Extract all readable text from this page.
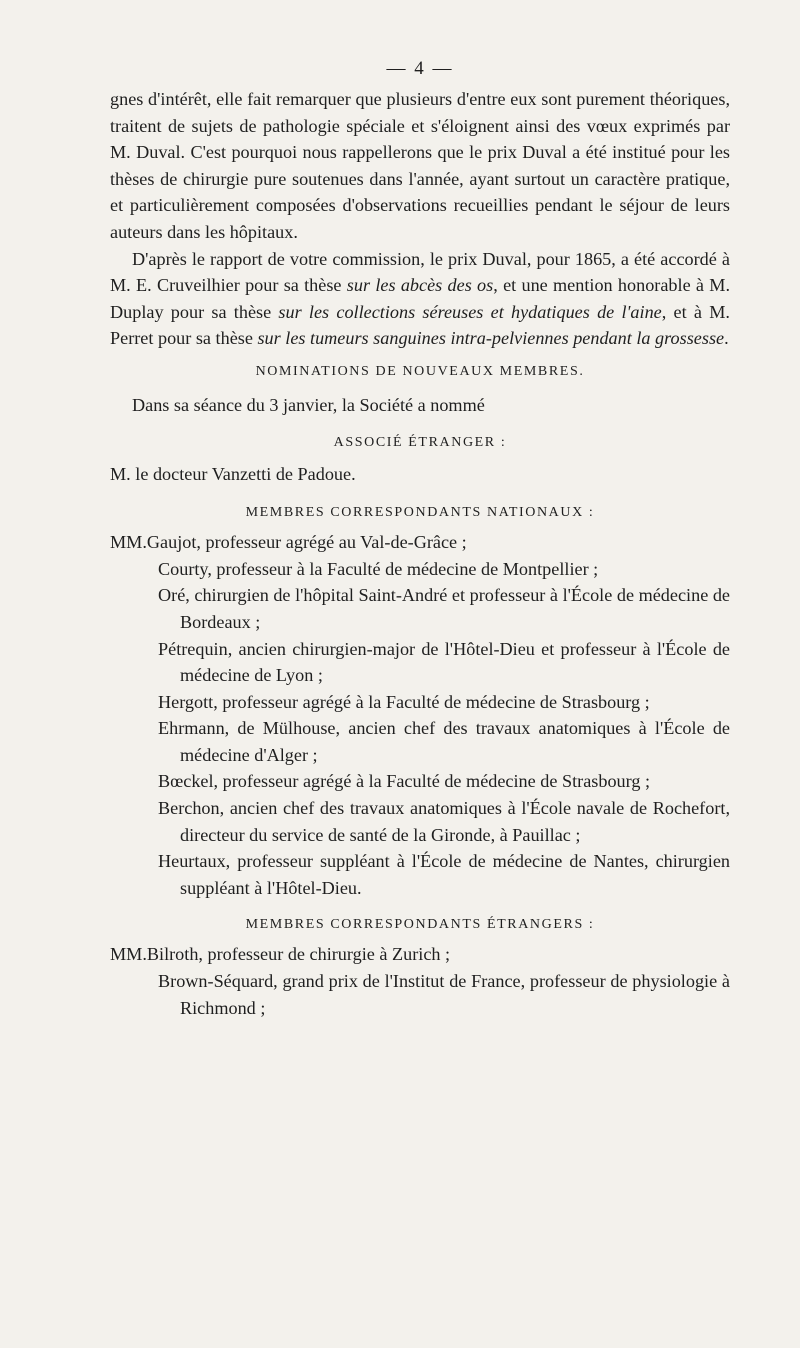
— 4 —

gnes d'intérêt, elle fait remarquer que plusieurs d'entre eux sont purement théoriques, traitent de sujets de pathologie spéciale et s'éloignent ainsi des vœux exprimés par M. Duval. C'est pourquoi nous rappellerons que le prix Duval a été institué pour les thèses de chirurgie pure soutenues dans l'année, ayant surtout un caractère pratique, et particulièrement composées d'observations recueillies pendant le séjour de leurs auteurs dans les hôpitaux.

D'après le rapport de votre commission, le prix Duval, pour 1865, a été accordé à M. E. Cruveilhier pour sa thèse sur les abcès des os, et une mention honorable à M. Duplay pour sa thèse sur les collections séreuses et hydatiques de l'aine, et à M. Perret pour sa thèse sur les tumeurs sanguines intra-pelviennes pendant la grossesse.

NOMINATIONS DE NOUVEAUX MEMBRES.

Dans sa séance du 3 janvier, la Société a nommé

ASSOCIÉ ÉTRANGER :

M. le docteur Vanzetti de Padoue.

MEMBRES CORRESPONDANTS NATIONAUX :

MM.Gaujot, professeur agrégé au Val-de-Grâce ;
Courty, professeur à la Faculté de médecine de Montpellier ;
Oré, chirurgien de l'hôpital Saint-André et professeur à l'École de médecine de Bordeaux ;
Pétrequin, ancien chirurgien-major de l'Hôtel-Dieu et professeur à l'École de médecine de Lyon ;
Hergott, professeur agrégé à la Faculté de médecine de Strasbourg ;
Ehrmann, de Mülhouse, ancien chef des travaux anatomiques à l'École de médecine d'Alger ;
Bœckel, professeur agrégé à la Faculté de médecine de Strasbourg ;
Berchon, ancien chef des travaux anatomiques à l'École navale de Rochefort, directeur du service de santé de la Gironde, à Pauillac ;
Heurtaux, professeur suppléant à l'École de médecine de Nantes, chirurgien suppléant à l'Hôtel-Dieu.

MEMBRES CORRESPONDANTS ÉTRANGERS :

MM.Bilroth, professeur de chirurgie à Zurich ;
Brown-Séquard, grand prix de l'Institut de France, professeur de physiologie à Richmond ;
